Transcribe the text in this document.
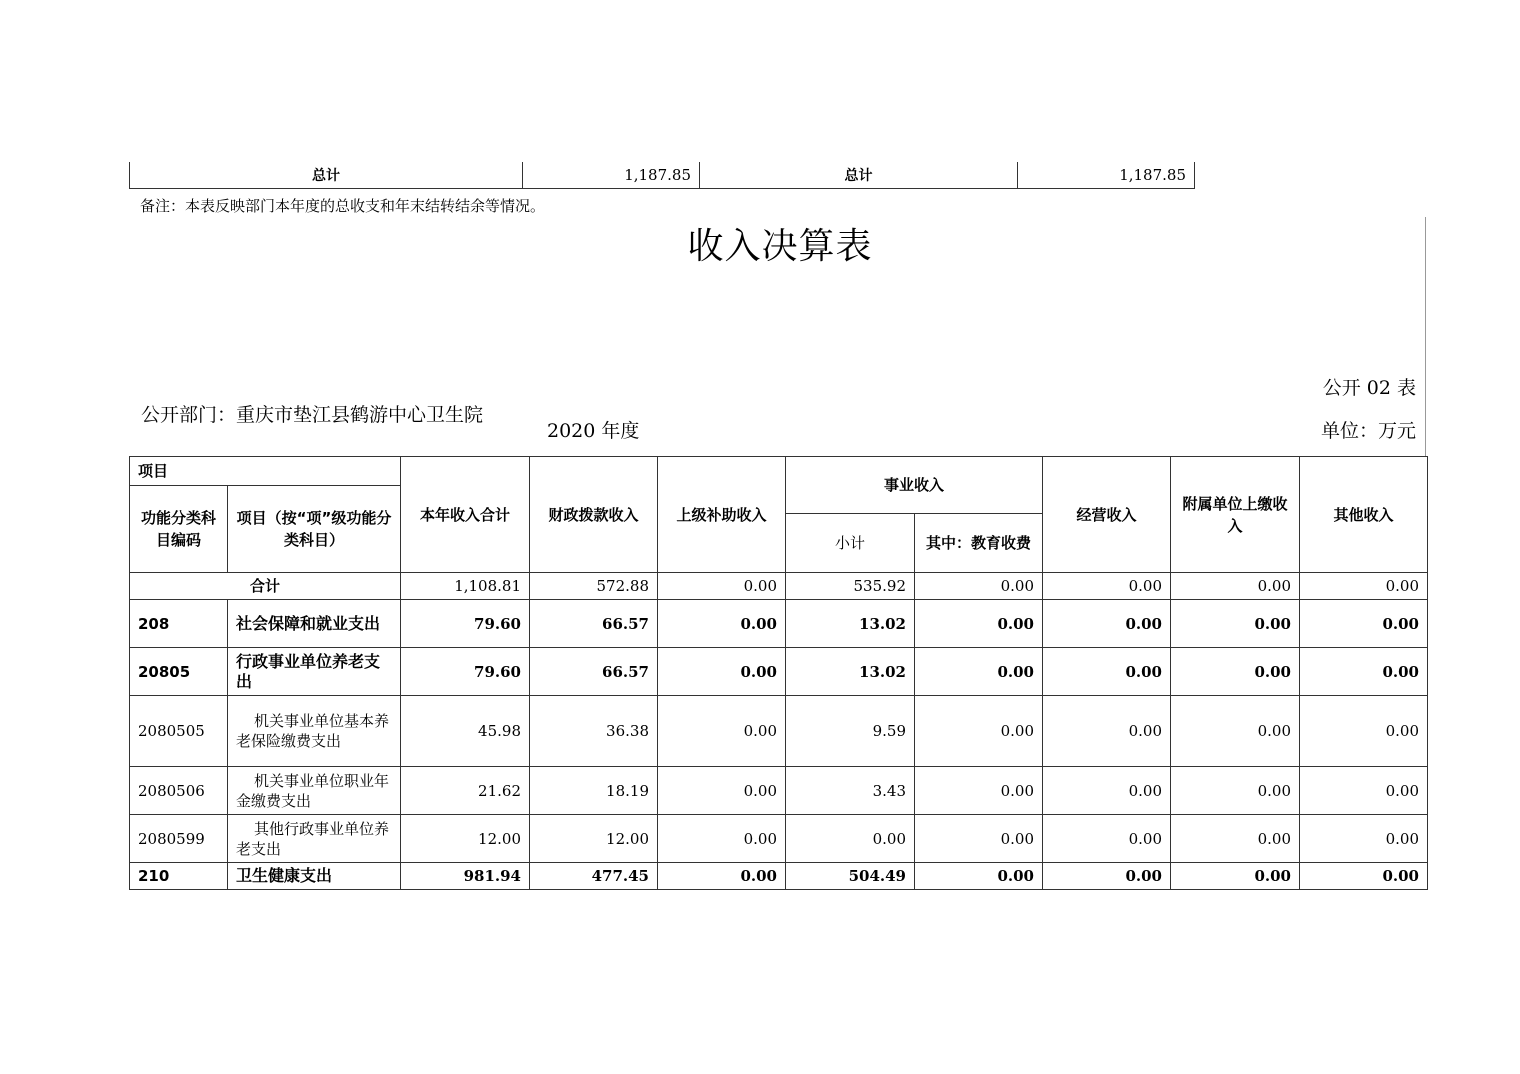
总计	1,187.85	总计	1,187.85
备注：本表反映部门本年度的总收支和年末结转结余等情况。
收入决算表
公开 02 表
公开部门：重庆市垫江县鹤游中心卫生院
2020 年度	单位：万元
项目		本年收入合计	财政拨款收入	上级补助收入	事业收入		经营收入	附属单位上缴收入	其他收入
功能分类科目编码	项目（按“项”级功能分类科目）								
					小计	其中：教育收费			
合计		1,108.81	572.88	0.00	535.92	0.00	0.00	0.00	0.00
208	社会保障和就业支出	79.60	66.57	0.00	13.02	0.00	0.00	0.00	0.00
20805	行政事业单位养老支出	79.60	66.57	0.00	13.02	0.00	0.00	0.00	0.00
2080505	机关事业单位基本养老保险缴费支出	45.98	36.38	0.00	9.59	0.00	0.00	0.00	0.00
2080506	机关事业单位职业年金缴费支出	21.62	18.19	0.00	3.43	0.00	0.00	0.00	0.00
2080599	其他行政事业单位养老支出	12.00	12.00	0.00	0.00	0.00	0.00	0.00	0.00
210	卫生健康支出	981.94	477.45	0.00	504.49	0.00	0.00	0.00	0.00
